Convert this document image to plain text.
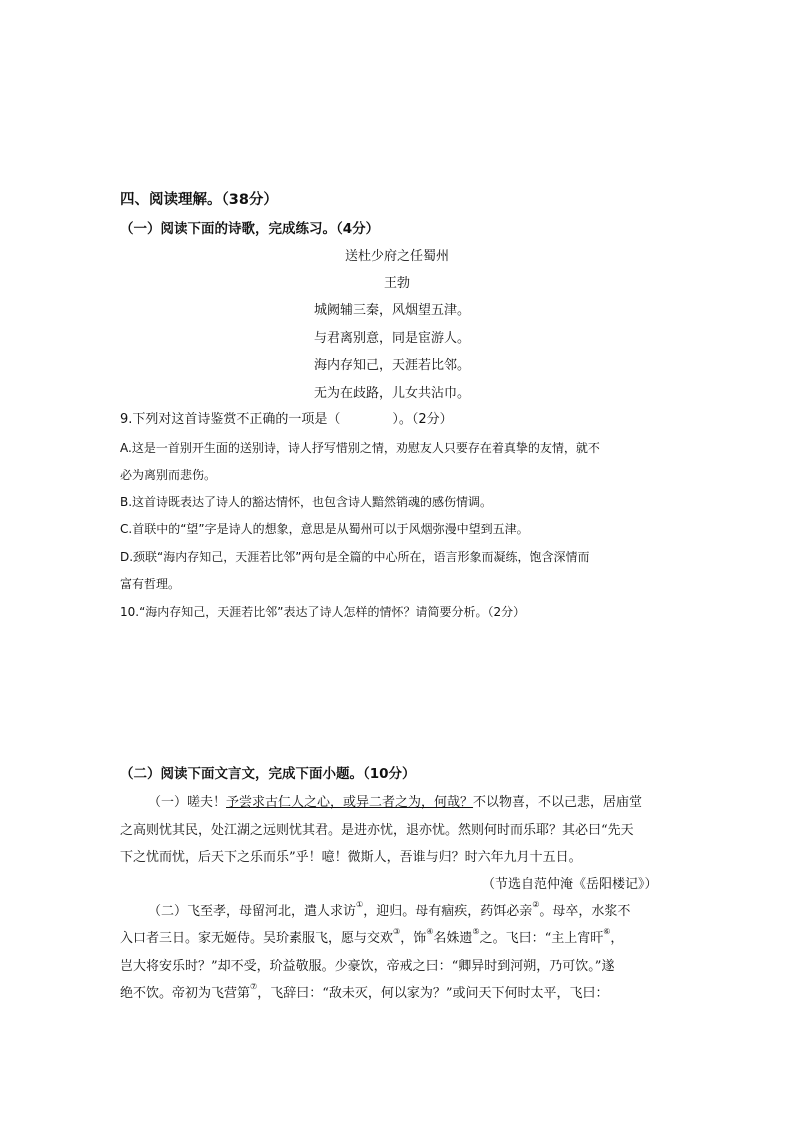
四、阅读理解。（38分）
（一）阅读下面的诗歌，完成练习。（4分）
送杜少府之任蜀州
王勃
城阙辅三秦，风烟望五津。
与君离别意，同是宦游人。
海内存知己，天涯若比邻。
无为在歧路，儿女共沾巾。
9.下列对这首诗鉴赏不正确的一项是（　　　　）。（2分）
A.这是一首别开生面的送别诗，诗人抒写惜别之情，劝慰友人只要存在着真挚的友情，就不
必为离别而悲伤。
B.这首诗既表达了诗人的豁达情怀，也包含诗人黯然销魂的感伤情调。
C.首联中的“望”字是诗人的想象，意思是从蜀州可以于风烟弥漫中望到五津。
D.颈联“海内存知己，天涯若比邻”两句是全篇的中心所在，语言形象而凝练，饱含深情而
富有哲理。
10.“海内存知己，天涯若比邻”表达了诗人怎样的情怀？请简要分析。（2分）
（二）阅读下面文言文，完成下面小题。（10分）
（一）嗟夫！予尝求古仁人之心，或异二者之为，何哉？不以物喜，不以己悲，居庙堂
之高则忧其民，处江湖之远则忧其君。是进亦忧，退亦忧。然则何时而乐耶？其必曰“先天
下之忧而忧，后天下之乐而乐”乎！噫！微斯人，吾谁与归？时六年九月十五日。
（节选自范仲淹《岳阳楼记》）
（二）飞至孝，母留河北，遣人求访①，迎归。母有痼疾，药饵必亲②。母卒，水浆不
入口者三日。家无姬侍。吴玠素服飞，愿与交欢③，饰④名姝遗⑤之。飞曰：“主上宵旰⑥，
岂大将安乐时？”却不受，玠益敬服。少豪饮，帝戒之曰：“卿异时到河朔，乃可饮。”遂
绝不饮。帝初为飞营第⑦，飞辞曰：“敌未灭，何以家为？”或问天下何时太平，飞曰：
